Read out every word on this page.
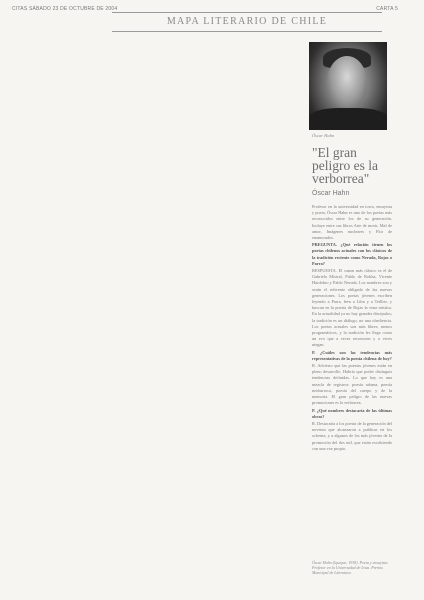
CITAS SÁBADO 23 DE OCTUBRE DE 2004	CARTA 5
MAPA LITERARIO DE CHILE
Óscar Hahn
"El gran peligro es la verborrea"
Óscar Hahn

Profesor en la universidad en iowa, ensayista y poeta, Óscar Hahn es uno de los poetas más reconocidos entre los de su generación. Incluye entre sus libros Arte de morir, Mal de amor, Imágenes nucleares y Flor de enamorados.

PREGUNTA. ¿Qué relación tienen los poetas chilenos actuales con los clásicos de la tradición reciente como Neruda, Rojas o Parra?

RESPUESTA. El canon más clásico es el de Gabriela Mistral, Pablo de Rokha, Vicente Huidobro y Pablo Neruda. Los nombres son y serán el referente obligado de las nuevas generaciones. Los poetas jóvenes escriben leyendo a Parra, leen a Lihn y a Teillier, y buscan en la poesía de Rojas la vena mística. En la actualidad ya no hay grandes discípulos; la tradición es un diálogo, no una obediencia. Los poetas actuales son más libres, menos programáticos, y la tradición les llega como un eco que a veces reconocen y a veces niegan.

P. ¿Cuáles son las tendencias más representativas de la poesía chilena de hoy?

R. Advierto que las poesías jóvenes están en pleno desarrollo. Habría que poder distinguir tendencias definidas. Lo que hay es una mezcla de registros: poesía urbana, poesía neobarroca, poesía del cuerpo y de la memoria. El gran peligro de las nuevas promociones es la verborrea.

P. ¿Qué nombres destacaría de las últimas obras?

R. Destacaría a los poetas de la generación del noventa que alcanzaron a publicar en los ochenta, y a algunos de los más jóvenes de la promoción del dos mil, que están escribiendo con una voz propia.

Óscar Hahn (Iquique, 1938). Poeta y ensayista. Profesor en la Universidad de Iowa. Premio Municipal de Literatura.
